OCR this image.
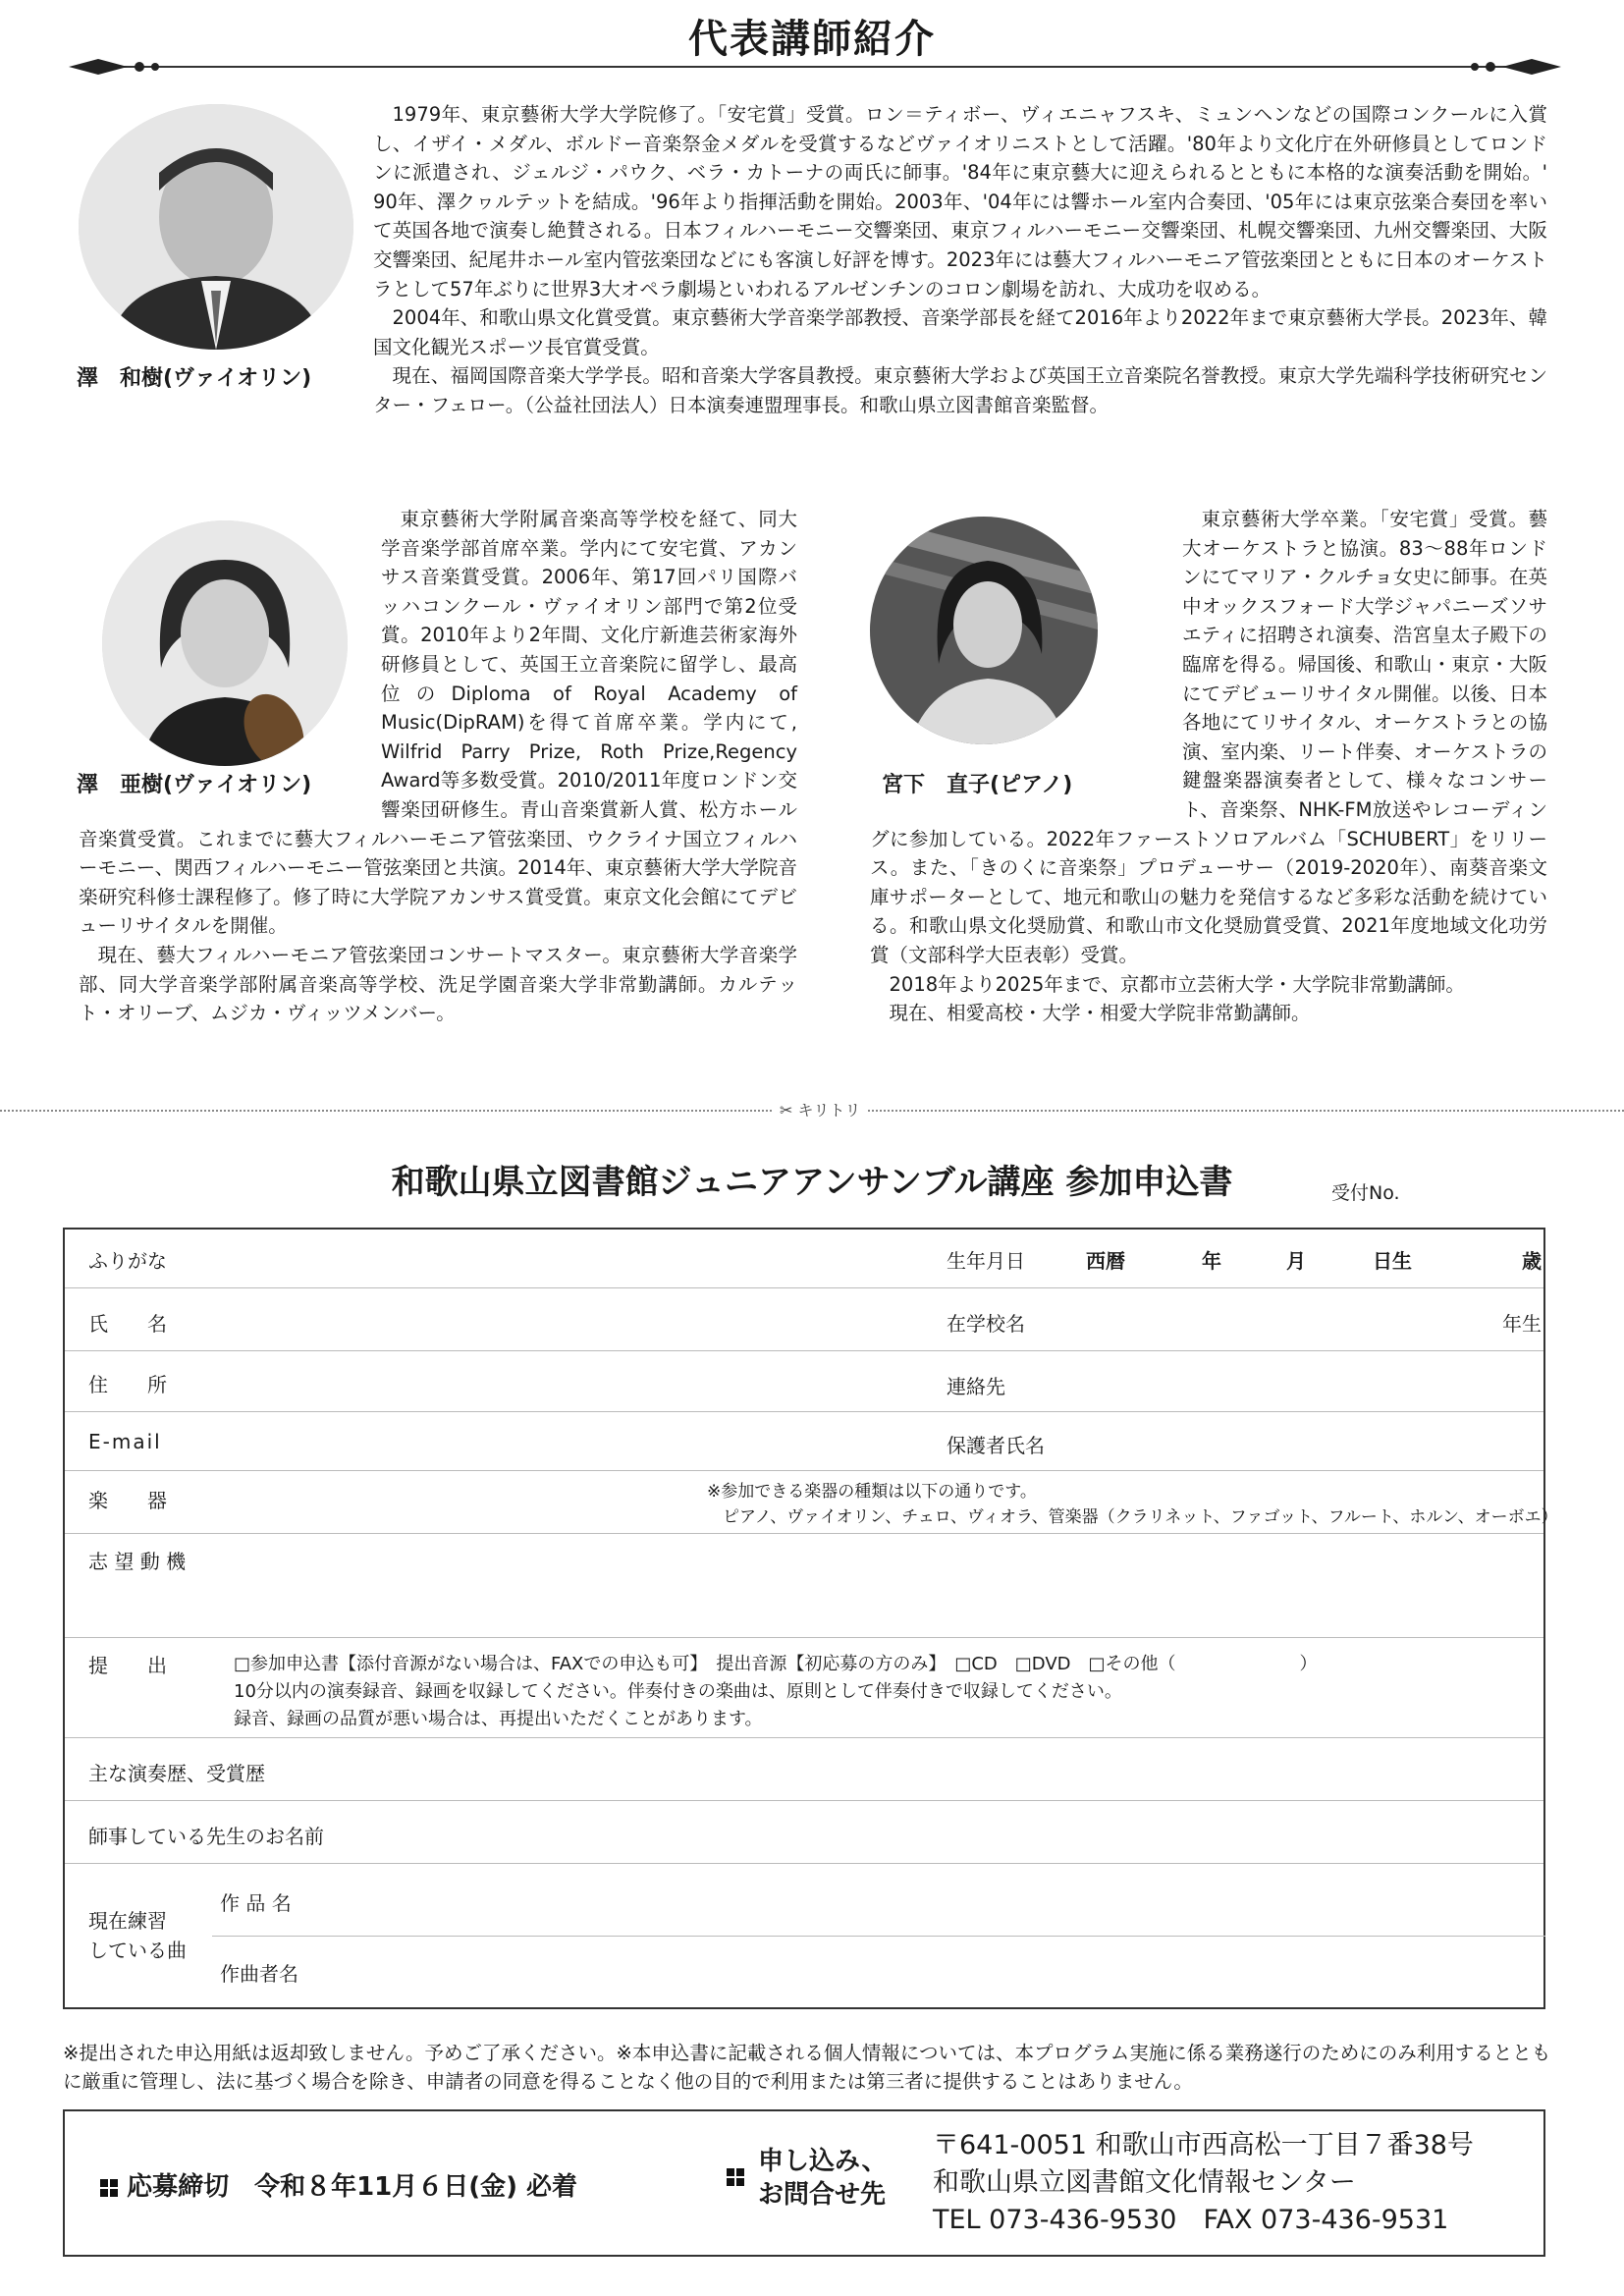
代表講師紹介
澤　和樹(ヴァイオリン)

1979年、東京藝術大学大学院修了。「安宅賞」受賞。ロン＝ティボー、ヴィエニャフスキ、ミュンヘンなどの国際コンクールに入賞し、イザイ・メダル、ボルドー音楽祭金メダルを受賞するなどヴァイオリニストとして活躍。'80年より文化庁在外研修員としてロンドンに派遣され、ジェルジ・パウク、ベラ・カトーナの両氏に師事。'84年に東京藝大に迎えられるとともに本格的な演奏活動を開始。' 90年、澤クヮルテットを結成。'96年より指揮活動を開始。2003年、'04年には響ホール室内合奏団、'05年には東京弦楽合奏団を率いて英国各地で演奏し絶賛される。日本フィルハーモニー交響楽団、東京フィルハーモニー交響楽団、札幌交響楽団、九州交響楽団、大阪交響楽団、紀尾井ホール室内管弦楽団などにも客演し好評を博す。2023年には藝大フィルハーモニア管弦楽団とともに日本のオーケストラとして57年ぶりに世界3大オペラ劇場といわれるアルゼンチンのコロン劇場を訪れ、大成功を収める。

2004年、和歌山県文化賞受賞。東京藝術大学音楽学部教授、音楽学部長を経て2016年より2022年まで東京藝術大学長。2023年、韓国文化観光スポーツ長官賞受賞。

現在、福岡国際音楽大学学長。昭和音楽大学客員教授。東京藝術大学および英国王立音楽院名誉教授。東京大学先端科学技術研究センター・フェロー。（公益社団法人）日本演奏連盟理事長。和歌山県立図書館音楽監督。

澤　亜樹(ヴァイオリン)

東京藝術大学附属音楽高等学校を経て、同大学音楽学部首席卒業。学内にて安宅賞、アカンサス音楽賞受賞。2006年、第17回パリ国際バッハコンクール・ヴァイオリン部門で第2位受賞。2010年より2年間、文化庁新進芸術家海外研修員として、英国王立音楽院に留学し、最高位のDiploma of Royal Academy of Music(DipRAM)を得て首席卒業。学内にて, Wilfrid Parry Prize, Roth Prize,Regency Award等多数受賞。2010/2011年度ロンドン交響楽団研修生。青山音楽賞新人賞、松方ホール音楽賞受賞。これまでに藝大フィルハーモニア管弦楽団、ウクライナ国立フィルハーモニー、関西フィルハーモニー管弦楽団と共演。2014年、東京藝術大学大学院音楽研究科修士課程修了。修了時に大学院アカンサス賞受賞。東京文化会館にてデビューリサイタルを開催。

現在、藝大フィルハーモニア管弦楽団コンサートマスター。東京藝術大学音楽学部、同大学音楽学部附属音楽高等学校、洗足学園音楽大学非常勤講師。カルテット・オリーブ、ムジカ・ヴィッツメンバー。

宮下　直子(ピアノ)

東京藝術大学卒業。「安宅賞」受賞。藝大オーケストラと協演。83～88年ロンドンにてマリア・クルチョ女史に師事。在英中オックスフォード大学ジャパニーズソサエティに招聘され演奏、浩宮皇太子殿下の臨席を得る。帰国後、和歌山・東京・大阪にてデビューリサイタル開催。以後、日本各地にてリサイタル、オーケストラとの協演、室内楽、リート伴奏、オーケストラの鍵盤楽器演奏者として、様々なコンサート、音楽祭、NHK-FM放送やレコーディングに参加している。2022年ファーストソロアルバム「SCHUBERT」をリリース。また、「きのくに音楽祭」プロデューサー（2019-2020年）、南葵音楽文庫サポーターとして、地元和歌山の魅力を発信するなど多彩な活動を続けている。和歌山県文化奨励賞、和歌山市文化奨励賞受賞、2021年度地域文化功労賞（文部科学大臣表彰）受賞。

2018年より2025年まで、京都市立芸術大学・大学院非常勤講師。

現在、相愛高校・大学・相愛大学院非常勤講師。

✂ キリトリ
和歌山県立図書館ジュニアアンサンブル講座 参加申込書	受付No.
ふりがな	生年月日	西暦	年	月	日生	歳
氏　　名	在学校名	年生
住　　所	連絡先
E-mail	保護者氏名
楽　　器	※参加できる楽器の種類は以下の通りです。
ピアノ、ヴァイオリン、チェロ、ヴィオラ、管楽器（クラリネット、ファゴット、フルート、ホルン、オーボエ）
志 望 動 機
提　　出	□参加申込書【添付音源がない場合は、FAXでの申込も可】　提出音源【初応募の方のみ】　□CD　□DVD　□その他（　　　　　　　）
10分以内の演奏録音、録画を収録してください。伴奏付きの楽曲は、原則として伴奏付きで収録してください。
録音、録画の品質が悪い場合は、再提出いただくことがあります。
主な演奏歴、受賞歴
師事している先生のお名前
現在練習
している曲
作 品 名
作曲者名
※提出された申込用紙は返却致しません。予めご了承ください。※本申込書に記載される個人情報については、本プログラム実施に係る業務遂行のためにのみ利用するとともに厳重に管理し、法に基づく場合を除き、申請者の同意を得ることなく他の目的で利用または第三者に提供することはありません。
応募締切　令和８年11月６日(金) 必着
申し込み、
お問合せ先
〒641-0051 和歌山市西高松一丁目７番38号
和歌山県立図書館文化情報センター
TEL 073-436-9530　FAX 073-436-9531
